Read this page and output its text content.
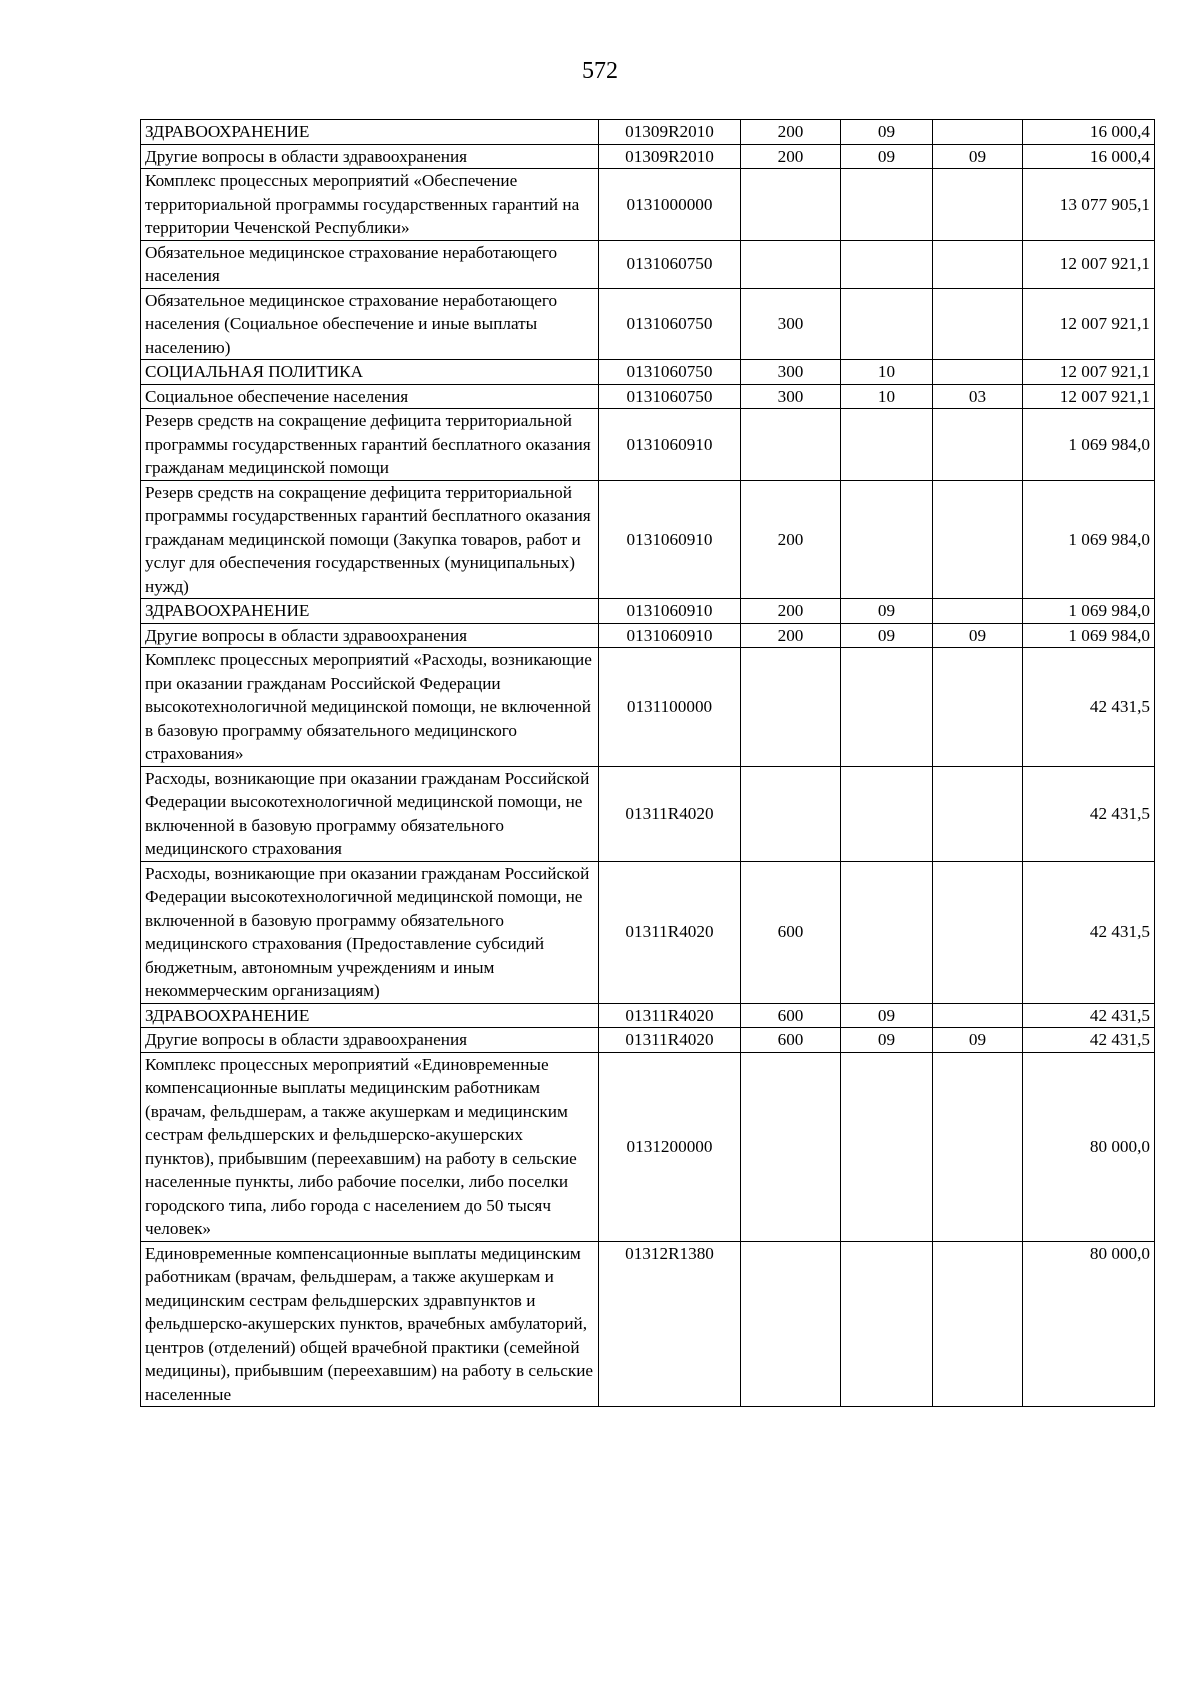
572
ЗДРАВООХРАНЕНИЕ	01309R2010	200	09		16 000,4
Другие вопросы в области здравоохранения	01309R2010	200	09	09	16 000,4
Комплекс процессных мероприятий «Обеспечение территориальной программы государственных гарантий на территории Чеченской Республики»	0131000000				13 077 905,1
Обязательное медицинское страхование неработающего населения	0131060750				12 007 921,1
Обязательное медицинское страхование неработающего населения (Социальное обеспечение и иные выплаты населению)	0131060750	300			12 007 921,1
СОЦИАЛЬНАЯ ПОЛИТИКА	0131060750	300	10		12 007 921,1
Социальное обеспечение населения	0131060750	300	10	03	12 007 921,1
Резерв средств на сокращение дефицита территориальной программы государственных гарантий бесплатного оказания гражданам медицинской помощи	0131060910				1 069 984,0
Резерв средств на сокращение дефицита территориальной программы государственных гарантий бесплатного оказания гражданам медицинской помощи (Закупка товаров, работ и услуг для обеспечения государственных (муниципальных) нужд)	0131060910	200			1 069 984,0
ЗДРАВООХРАНЕНИЕ	0131060910	200	09		1 069 984,0
Другие вопросы в области здравоохранения	0131060910	200	09	09	1 069 984,0
Комплекс процессных мероприятий «Расходы, возникающие при оказании гражданам Российской Федерации высокотехнологичной медицинской помощи, не включенной в базовую программу обязательного медицинского страхования»	0131100000				42 431,5
Расходы, возникающие при оказании гражданам Российской Федерации высокотехнологичной медицинской помощи, не включенной в базовую программу обязательного медицинского страхования	01311R4020				42 431,5
Расходы, возникающие при оказании гражданам Российской Федерации высокотехнологичной медицинской помощи, не включенной в базовую программу обязательного медицинского страхования (Предоставление субсидий бюджетным, автономным учреждениям и иным некоммерческим организациям)	01311R4020	600			42 431,5
ЗДРАВООХРАНЕНИЕ	01311R4020	600	09		42 431,5
Другие вопросы в области здравоохранения	01311R4020	600	09	09	42 431,5
Комплекс процессных мероприятий «Единовременные компенсационные выплаты медицинским работникам (врачам, фельдшерам, а также акушеркам и медицинским сестрам фельдшерских и фельдшерско-акушерских пунктов), прибывшим (переехавшим) на работу в сельские населенные пункты, либо рабочие поселки, либо поселки городского типа, либо города с населением до 50 тысяч человек»	0131200000				80 000,0
Единовременные компенсационные выплаты медицинским работникам (врачам, фельдшерам, а также акушеркам и медицинским сестрам фельдшерских здравпунктов и фельдшерско-акушерских пунктов, врачебных амбулаторий, центров (отделений) общей врачебной практики (семейной медицины), прибывшим (переехавшим) на работу в сельские населенные	01312R1380				80 000,0
